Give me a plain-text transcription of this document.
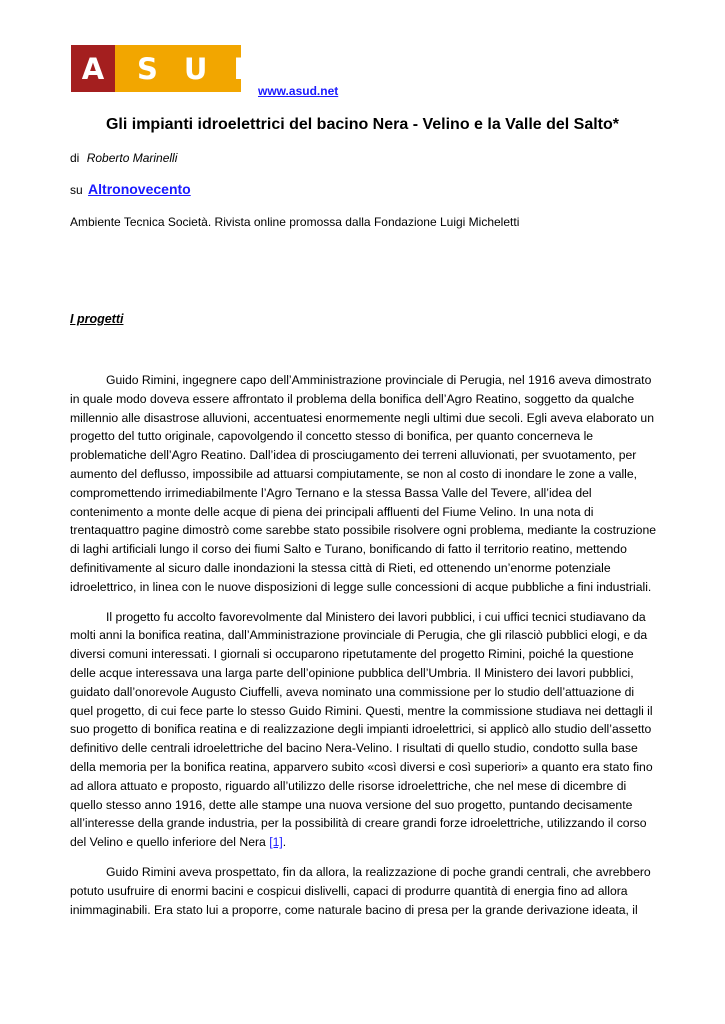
A	SUD
www.asud.net
Gli impianti idroelettrici del bacino Nera - Velino e la Valle del Salto*
di Roberto Marinelli
su Altronovecento
Ambiente Tecnica Società. Rivista online promossa dalla Fondazione Luigi Micheletti
I progetti

Guido Rimini, ingegnere capo dell’Amministrazione provinciale di Perugia, nel 1916 aveva dimostrato in quale modo doveva essere affrontato il problema della bonifica dell’Agro Reatino, soggetto da qualche millennio alle disastrose alluvioni, accentuatesi enormemente negli ultimi due secoli. Egli aveva elaborato un progetto del tutto originale, capovolgendo il concetto stesso di bonifica, per quanto concerneva le problematiche dell’Agro Reatino. Dall’idea di prosciugamento dei terreni alluvionati, per svuotamento, per aumento del deflusso, impossibile ad attuarsi compiutamente, se non al costo di inondare le zone a valle, compromettendo irrimediabilmente l’Agro Ternano e la stessa Bassa Valle del Tevere, all’idea del contenimento a monte delle acque di piena dei principali affluenti del Fiume Velino. In una nota di trentaquattro pagine dimostrò come sarebbe stato possibile risolvere ogni problema, mediante la costruzione di laghi artificiali lungo il corso dei fiumi Salto e Turano, bonificando di fatto il territorio reatino, mettendo definitivamente al sicuro dalle inondazioni la stessa città di Rieti, ed ottenendo un’enorme potenziale idroelettrico, in linea con le nuove disposizioni di legge sulle concessioni di acque pubbliche a fini industriali.

Il progetto fu accolto favorevolmente dal Ministero dei lavori pubblici, i cui uffici tecnici studiavano da molti anni la bonifica reatina, dall’Amministrazione provinciale di Perugia, che gli rilasciò pubblici elogi, e da diversi comuni interessati. I giornali si occuparono ripetutamente del progetto Rimini, poiché la questione delle acque interessava una larga parte dell’opinione pubblica dell’Umbria. Il Ministero dei lavori pubblici, guidato dall’onorevole Augusto Ciuffelli, aveva nominato una commissione per lo studio dell’attuazione di quel progetto, di cui fece parte lo stesso Guido Rimini. Questi, mentre la commissione studiava nei dettagli il suo progetto di bonifica reatina e di realizzazione degli impianti idroelettrici, si applicò allo studio dell’assetto definitivo delle centrali idroelettriche del bacino Nera-Velino. I risultati di quello studio, condotto sulla base della memoria per la bonifica reatina, apparvero subito «così diversi e così superiori» a quanto era stato fino ad allora attuato e proposto, riguardo all’utilizzo delle risorse idroelettriche, che nel mese di dicembre di quello stesso anno 1916, dette alle stampe una nuova versione del suo progetto, puntando decisamente all’interesse della grande industria, per la possibilità di creare grandi forze idroelettriche, utilizzando il corso del Velino e quello inferiore del Nera [1].

Guido Rimini aveva prospettato, fin da allora, la realizzazione di poche grandi centrali, che avrebbero potuto usufruire di enormi bacini e cospicui dislivelli, capaci di produrre quantità di energia fino ad allora inimmaginabili. Era stato lui a proporre, come naturale bacino di presa per la grande derivazione ideata, il
